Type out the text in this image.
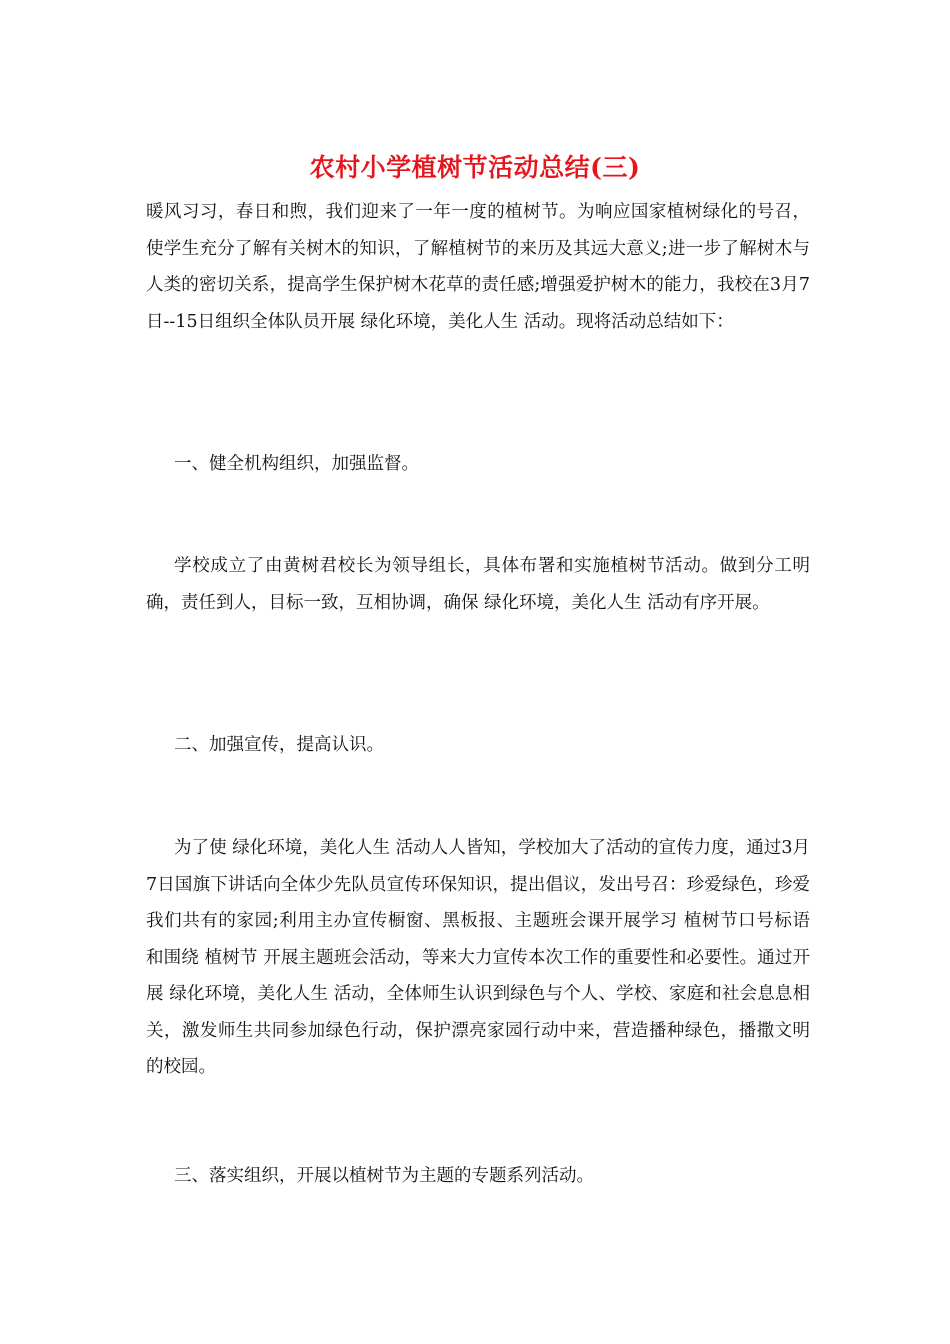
农村小学植树节活动总结(三)

暖风习习，春日和煦，我们迎来了一年一度的植树节。为响应国家植树绿化的号召，使学生充分了解有关树木的知识，了解植树节的来历及其远大意义;进一步了解树木与人类的密切关系，提高学生保护树木花草的责任感;增强爱护树木的能力，我校在3月7日--15日组织全体队员开展 绿化环境，美化人生 活动。现将活动总结如下：

一、健全机构组织，加强监督。

学校成立了由黄树君校长为领导组长，具体布署和实施植树节活动。做到分工明确，责任到人，目标一致，互相协调，确保 绿化环境，美化人生 活动有序开展。

二、加强宣传，提高认识。

为了使 绿化环境，美化人生 活动人人皆知，学校加大了活动的宣传力度，通过3月7日国旗下讲话向全体少先队员宣传环保知识，提出倡议，发出号召：珍爱绿色，珍爱我们共有的家园;利用主办宣传橱窗、黑板报、主题班会课开展学习 植树节口号标语 和围绕 植树节 开展主题班会活动，等来大力宣传本次工作的重要性和必要性。通过开展 绿化环境，美化人生 活动，全体师生认识到绿色与个人、学校、家庭和社会息息相关，激发师生共同参加绿色行动，保护漂亮家园行动中来，营造播种绿色，播撒文明的校园。

三、落实组织，开展以植树节为主题的专题系列活动。
